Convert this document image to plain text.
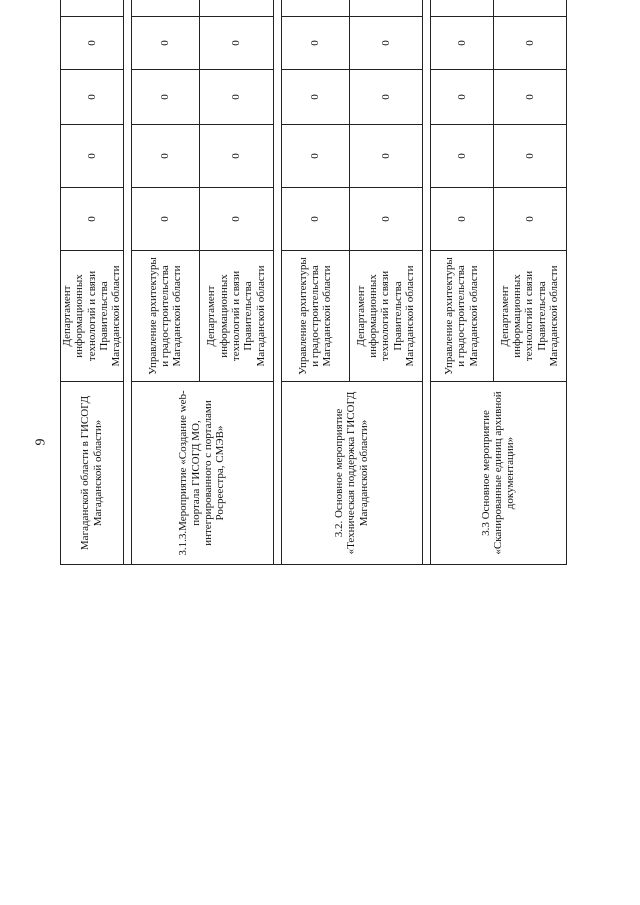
9	Магаданской области в ГИСОГД Магаданской области»	Департамент информационных технологий и связи Правительства Магаданской области	0	0	0	0				

3.1.3.Мероприятие «Создание web-портала ГИСОГД МО, интегрированного с порталами Росреестра, СМЭВ»	Управление архитектуры и градостроительства Магаданской области	0	0	0	0				
	Департамент информационных технологий и связи Правительства Магаданской области	0	0	0	0				

3.2. Основное мероприятие «Техническая поддержка ГИСОГД Магаданской области»	Управление архитектуры и градостроительства Магаданской области	0	0	0	0				
	Департамент информационных технологий и связи Правительства Магаданской области	0	0	0	0				

3.3 Основное мероприятие «Сканированные единиц архивной документации»	Управление архитектуры и градостроительства Магаданской области	0	0	0	0				
	Департамент информационных технологий и связи Правительства Магаданской области	0	0	0	0				
